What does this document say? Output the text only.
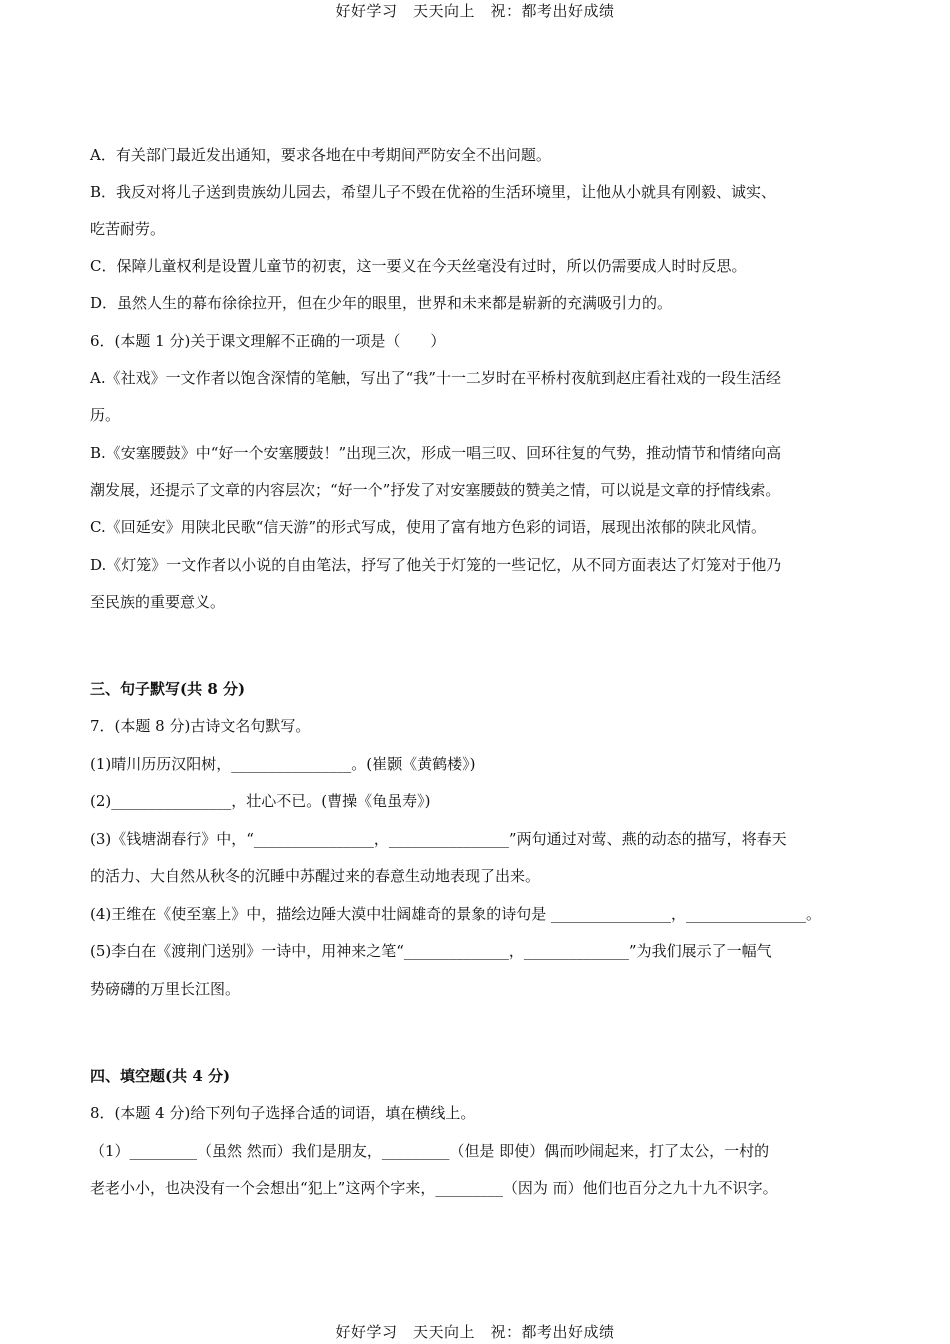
好好学习　天天向上　祝：都考出好成绩
A．有关部门最近发出通知，要求各地在中考期间严防安全不出问题。
B．我反对将儿子送到贵族幼儿园去，希望儿子不毁在优裕的生活环境里，让他从小就具有刚毅、诚实、
吃苦耐劳。
C．保障儿童权利是设置儿童节的初衷，这一要义在今天丝毫没有过时，所以仍需要成人时时反思。
D．虽然人生的幕布徐徐拉开，但在少年的眼里，世界和未来都是崭新的充满吸引力的。
6．(本题 1 分)关于课文理解不正确的一项是（　　）
A.《社戏》一文作者以饱含深情的笔触，写出了“我”十一二岁时在平桥村夜航到赵庄看社戏的一段生活经
历。
B.《安塞腰鼓》中“好一个安塞腰鼓！”出现三次，形成一唱三叹、回环往复的气势，推动情节和情绪向高
潮发展，还提示了文章的内容层次；“好一个”抒发了对安塞腰鼓的赞美之情，可以说是文章的抒情线索。
C.《回延安》用陕北民歌“信天游”的形式写成，使用了富有地方色彩的词语，展现出浓郁的陕北风情。
D.《灯笼》一文作者以小说的自由笔法，抒写了他关于灯笼的一些记忆，从不同方面表达了灯笼对于他乃
至民族的重要意义。
三、句子默写(共 8 分)
7．(本题 8 分)古诗文名句默写。
(1)晴川历历汉阳树，________________。(崔颢《黄鹤楼》)
(2)________________，壮心不已。(曹操《龟虽寿》)
(3)《钱塘湖春行》中，“________________，________________”两句通过对莺、燕的动态的描写，将春天
的活力、大自然从秋冬的沉睡中苏醒过来的春意生动地表现了出来。
(4)王维在《使至塞上》中，描绘边陲大漠中壮阔雄奇的景象的诗句是 ________________，________________。
(5)李白在《渡荆门送别》一诗中，用神来之笔“______________，______________”为我们展示了一幅气
势磅礴的万里长江图。
四、填空题(共 4 分)
8．(本题 4 分)给下列句子选择合适的词语，填在横线上。
（1）_________（虽然 然而）我们是朋友，_________（但是 即使）偶而吵闹起来，打了太公，一村的
老老小小，也决没有一个会想出“犯上”这两个字来，_________（因为 而）他们也百分之九十九不识字。
好好学习　天天向上　祝：都考出好成绩
